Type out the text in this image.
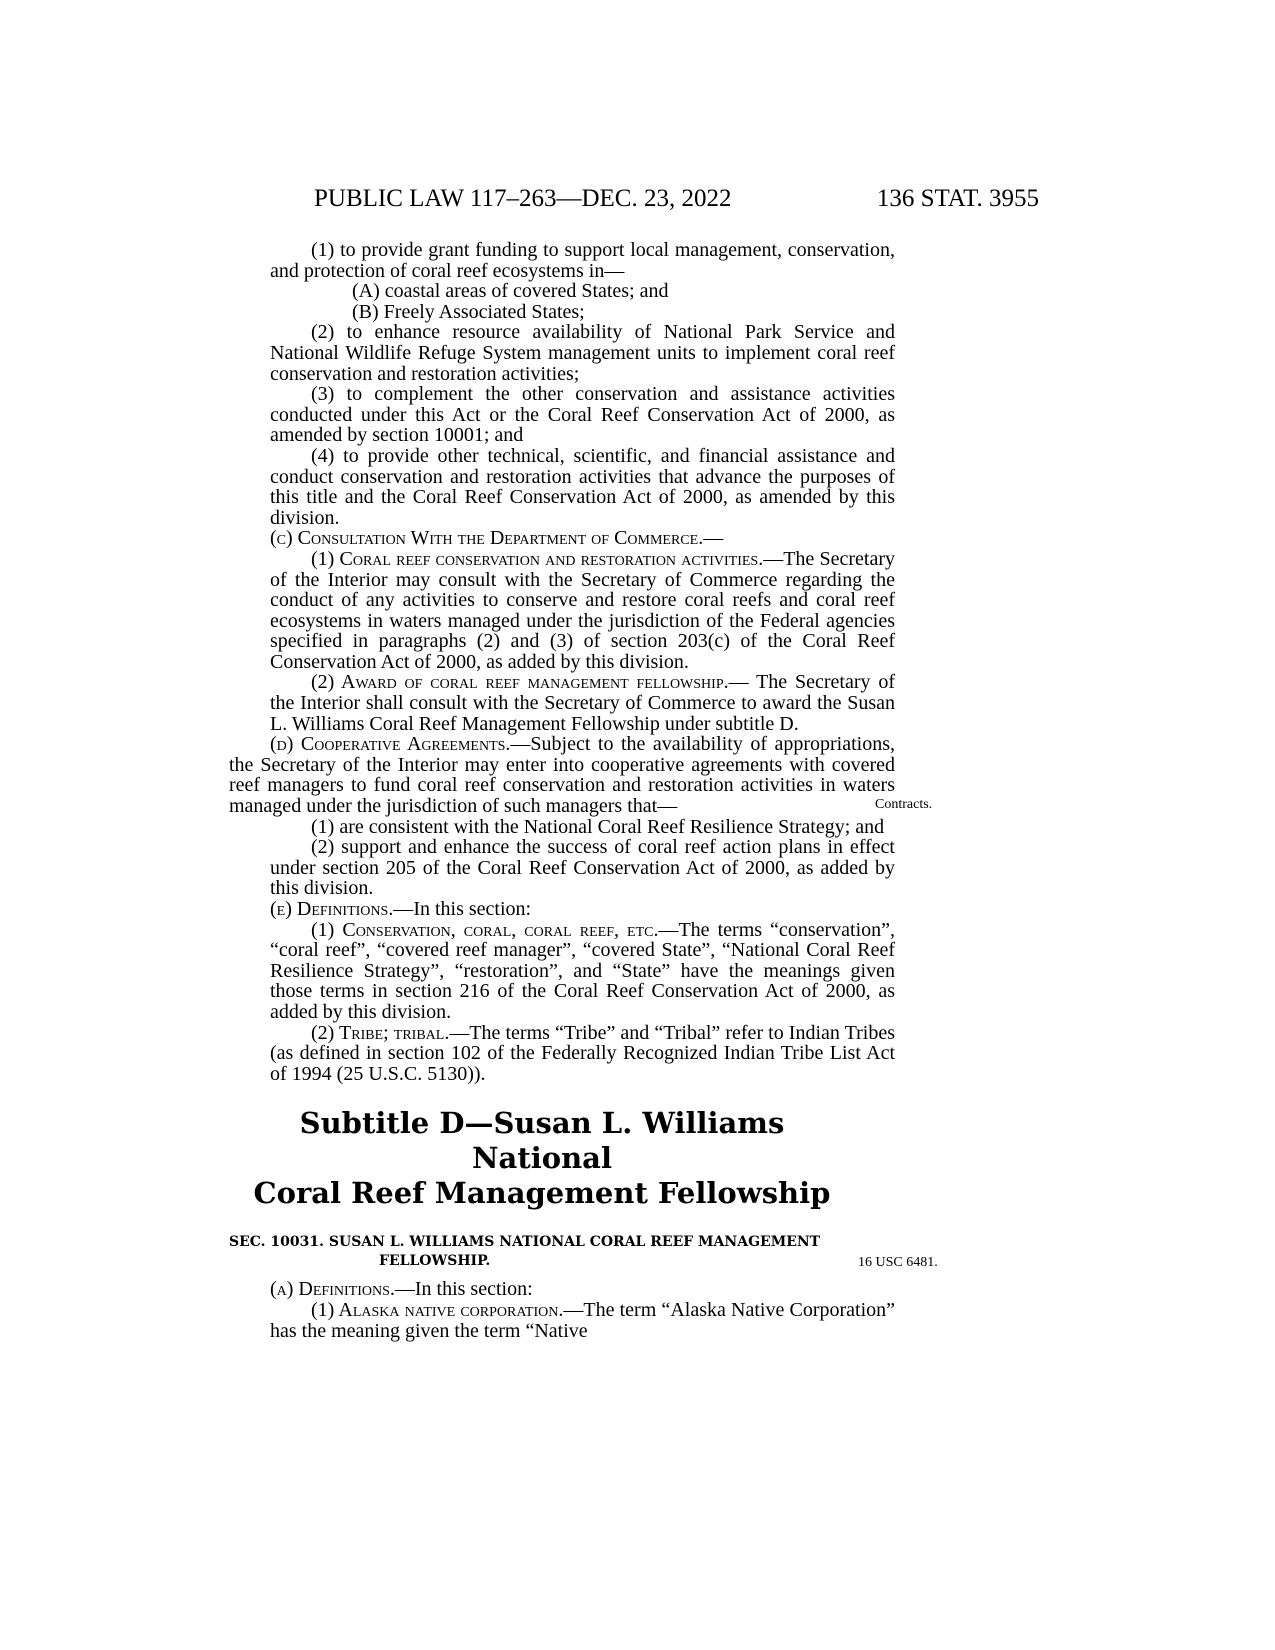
PUBLIC LAW 117–263—DEC. 23, 2022	136 STAT. 3955
Contracts.
16 USC 6481.

(1) to provide grant funding to support local management, conservation, and protection of coral reef ecosystems in—

(A) coastal areas of covered States; and

(B) Freely Associated States;

(2) to enhance resource availability of National Park Service and National Wildlife Refuge System management units to implement coral reef conservation and restoration activities;

(3) to complement the other conservation and assistance activities conducted under this Act or the Coral Reef Conservation Act of 2000, as amended by section 10001; and

(4) to provide other technical, scientific, and financial assistance and conduct conservation and restoration activities that advance the purposes of this title and the Coral Reef Conservation Act of 2000, as amended by this division.

(c) Consultation With the Department of Commerce.—

(1) Coral reef conservation and restoration activities.—The Secretary of the Interior may consult with the Secretary of Commerce regarding the conduct of any activities to conserve and restore coral reefs and coral reef ecosystems in waters managed under the jurisdiction of the Federal agencies specified in paragraphs (2) and (3) of section 203(c) of the Coral Reef Conservation Act of 2000, as added by this division.

(2) Award of coral reef management fellowship.— The Secretary of the Interior shall consult with the Secretary of Commerce to award the Susan L. Williams Coral Reef Management Fellowship under subtitle D.

(d) Cooperative Agreements.—Subject to the availability of appropriations, the Secretary of the Interior may enter into cooperative agreements with covered reef managers to fund coral reef conservation and restoration activities in waters managed under the jurisdiction of such managers that—

(1) are consistent with the National Coral Reef Resilience Strategy; and

(2) support and enhance the success of coral reef action plans in effect under section 205 of the Coral Reef Conservation Act of 2000, as added by this division.

(e) Definitions.—In this section:

(1) Conservation, coral, coral reef, etc.—The terms “conservation”, “coral reef”, “covered reef manager”, “covered State”, “National Coral Reef Resilience Strategy”, “restoration”, and “State” have the meanings given those terms in section 216 of the Coral Reef Conservation Act of 2000, as added by this division.

(2) Tribe; tribal.—The terms “Tribe” and “Tribal” refer to Indian Tribes (as defined in section 102 of the Federally Recognized Indian Tribe List Act of 1994 (25 U.S.C. 5130)).

Subtitle D—Susan L. Williams National
Coral Reef Management Fellowship

SEC. 10031. SUSAN L. WILLIAMS NATIONAL CORAL REEF MANAGEMENT FELLOWSHIP.

(a) Definitions.—In this section:

(1) Alaska native corporation.—The term “Alaska Native Corporation” has the meaning given the term “Native
